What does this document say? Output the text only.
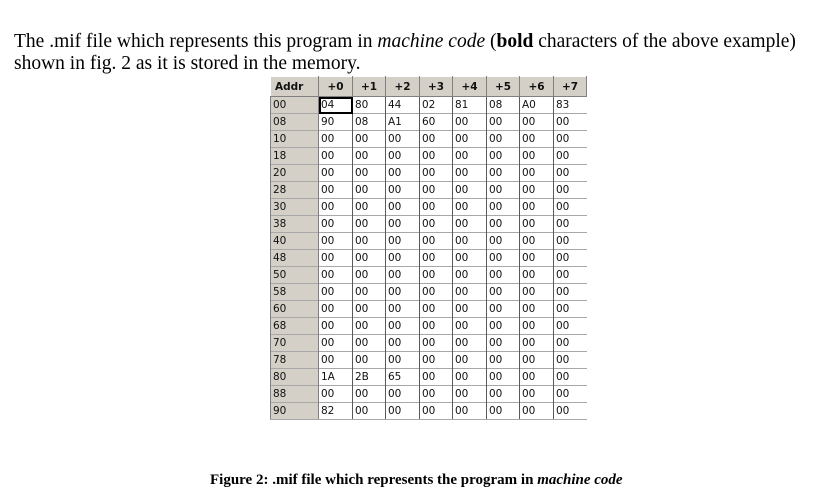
The .mif file which represents this program in machine code (bold characters of the above example)
shown in fig. 2 as it is stored in the memory.

Addr	+0	+1	+2	+3	+4	+5	+6	+7
00	04	80	44	02	81	08	A0	83
08	90	08	A1	60	00	00	00	00
10	00	00	00	00	00	00	00	00
18	00	00	00	00	00	00	00	00
20	00	00	00	00	00	00	00	00
28	00	00	00	00	00	00	00	00
30	00	00	00	00	00	00	00	00
38	00	00	00	00	00	00	00	00
40	00	00	00	00	00	00	00	00
48	00	00	00	00	00	00	00	00
50	00	00	00	00	00	00	00	00
58	00	00	00	00	00	00	00	00
60	00	00	00	00	00	00	00	00
68	00	00	00	00	00	00	00	00
70	00	00	00	00	00	00	00	00
78	00	00	00	00	00	00	00	00
80	1A	2B	65	00	00	00	00	00
88	00	00	00	00	00	00	00	00
90	82	00	00	00	00	00	00	00
Figure 2: .mif file which represents the program in machine code
